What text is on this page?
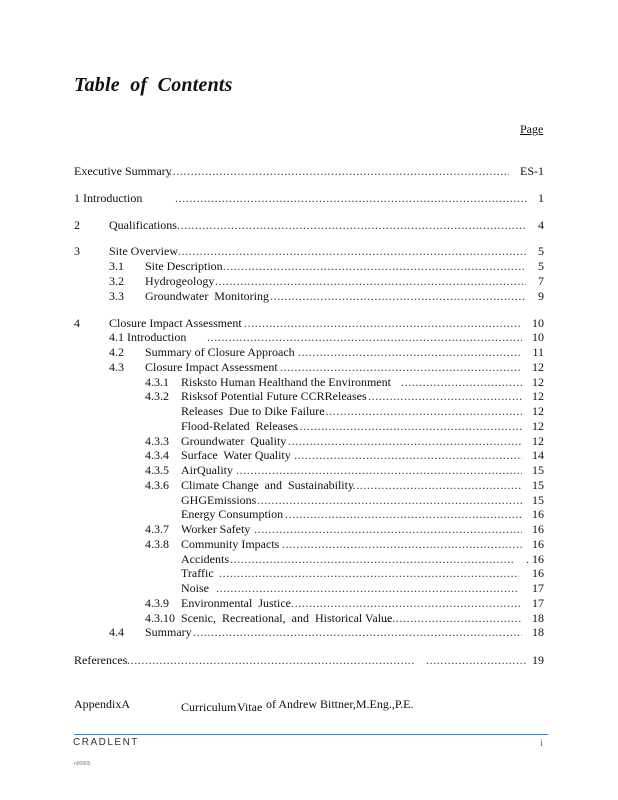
Table  of  Contents
Page
Executive Summary .....	ES-1
1 Introduction .....	1
2 Qualifications .....	4
3 Site Overview .....	5
3.1 Site Description .....	5
3.2 Hydrogeology .....	7
3.3 Groundwater  Monitoring .....	9
4 Closure Impact Assessment .....	10
4.1 Introduction .....	10
4.2 Summary of Closure Approach .....	11
4.3 Closure Impact Assessment .....	12
4.3.1 Risksto Human Healthand the Environment .....	12
4.3.2 Risksof Potential Future CCRReleases .....	12
Releases  Due to Dike Failure .....	12
Flood-Related  Releases .....	12
4.3.3 Groundwater  Quality .....	12
4.3.4 Surface  Water Quality .....	14
4.3.5 AirQuality .....	15
4.3.6 Climate Change  and  Sustainability .....	15
GHGEmissions .....	15
Energy Consumption .....	16
4.3.7 Worker Safety .....	16
4.3.8 Community Impacts .....	16
Accidents .....	. 16
Traffic .....	16
Noise .....	17
4.3.9 Environmental  Justice .....	17
4.3.10 Scenic,  Recreational,  and  Historical Value .....	18
4.4 Summary .....	18
References ..... .....	19
AppendixA	Curriculum Vitae of Andrew Bittner,M.Eng.,P.E.
CRADLENT	i
n00805
